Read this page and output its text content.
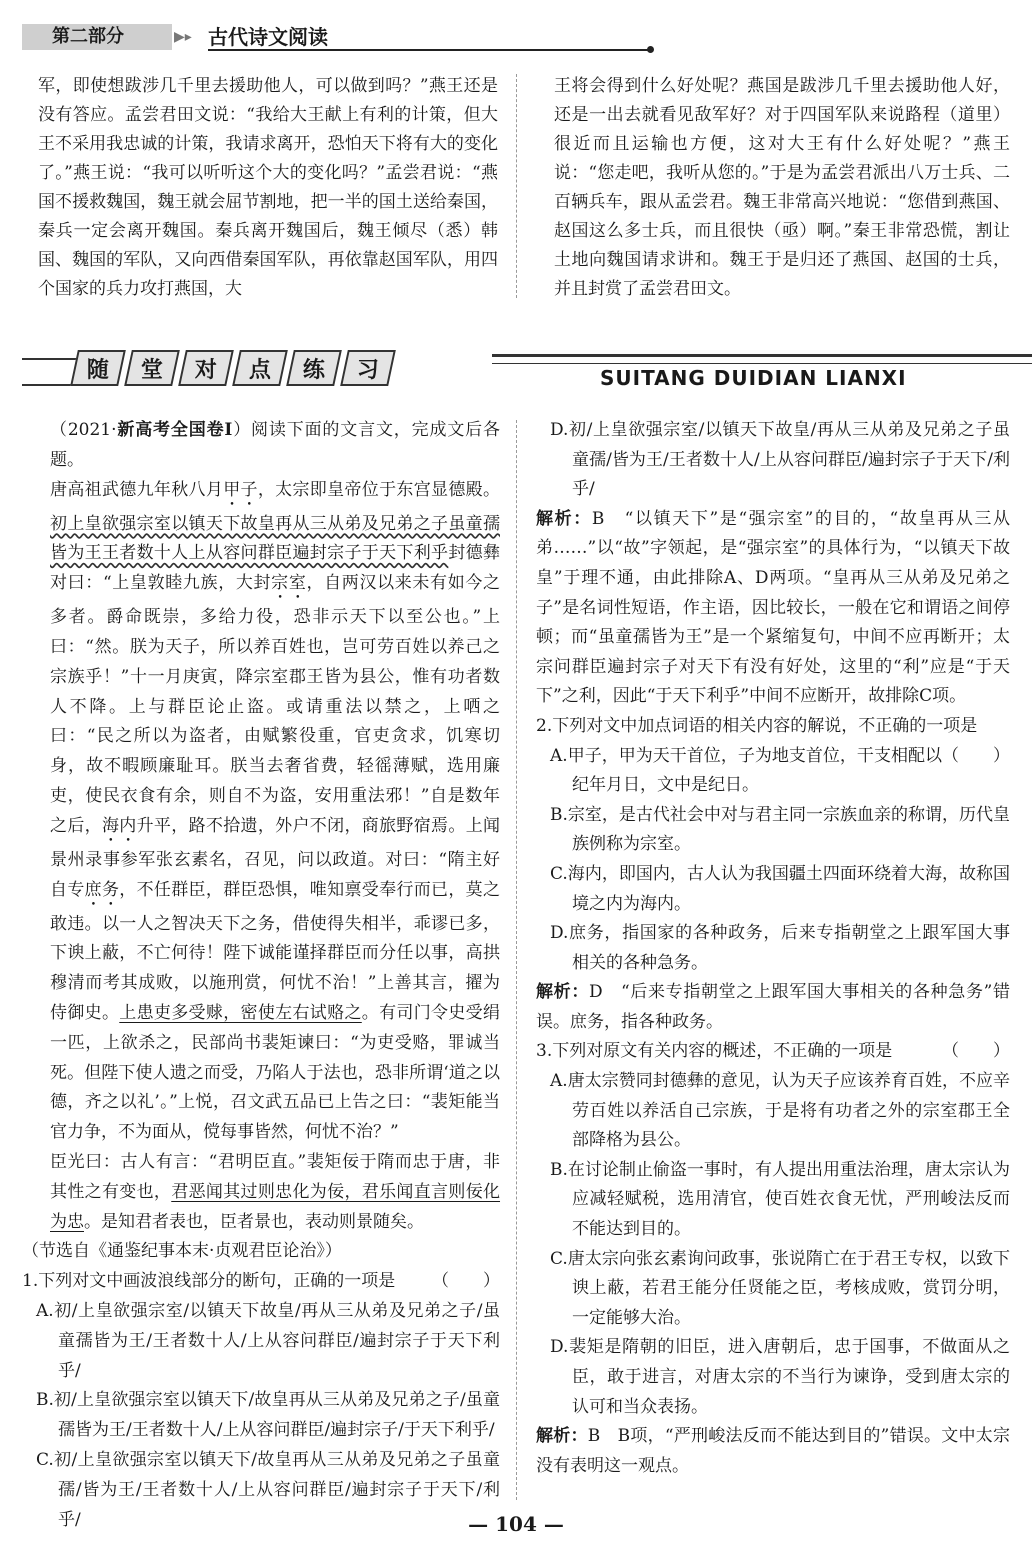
第二部分	▶▸ 古代诗文阅读

军，即使想跋涉几千里去援助他人，可以做到吗？”燕王还是没有答应。孟尝君田文说：“我给大王献上有利的计策，但大王不采用我忠诚的计策，我请求离开，恐怕天下将有大的变化了。”燕王说：“我可以听听这个大的变化吗？”孟尝君说：“燕国不援救魏国，魏王就会屈节割地，把一半的国土送给秦国，秦兵一定会离开魏国。秦兵离开魏国后，魏王倾尽（悉）韩国、魏国的军队，又向西借秦国军队，再依靠赵国军队，用四个国家的兵力攻打燕国，大

王将会得到什么好处呢？燕国是跋涉几千里去援助他人好，还是一出去就看见敌军好？对于四国军队来说路程（道里）很近而且运输也方便，这对大王有什么好处呢？”燕王说：“您走吧，我听从您的。”于是为孟尝君派出八万士兵、二百辆兵车，跟从孟尝君。魏王非常高兴地说：“您借到燕国、赵国这么多士兵，而且很快（亟）啊。”秦王非常恐慌，割让土地向魏国请求讲和。魏王于是归还了燕国、赵国的士兵，并且封赏了孟尝君田文。

随 堂 对 点 练 习	SUITANG DUIDIAN LIANXI

（2021·新高考全国卷Ⅰ）阅读下面的文言文，完成文后各题。

唐高祖武德九年秋八月甲子，太宗即皇帝位于东宫显德殿。初上皇欲强宗室以镇天下故皇再从三从弟及兄弟之子虽童孺皆为王王者数十人上从容问群臣遍封宗子于天下利乎封德彝对曰：“上皇敦睦九族，大封宗室，自两汉以来未有如今之多者。爵命既崇，多给力役，恐非示天下以至公也。”上曰：“然。朕为天子，所以养百姓也，岂可劳百姓以养己之宗族乎！”十一月庚寅，降宗室郡王皆为县公，惟有功者数人不降。上与群臣论止盗。或请重法以禁之，上哂之曰：“民之所以为盗者，由赋繁役重，官吏贪求，饥寒切身，故不暇顾廉耻耳。朕当去奢省费，轻徭薄赋，选用廉吏，使民衣食有余，则自不为盗，安用重法邪！”自是数年之后，海内升平，路不拾遗，外户不闭，商旅野宿焉。上闻景州录事参军张玄素名，召见，问以政道。对曰：“隋主好自专庶务，不任群臣，群臣恐惧，唯知禀受奉行而已，莫之敢违。以一人之智决天下之务，借使得失相半，乖谬已多，下谀上蔽，不亡何待！陛下诚能谨择群臣而分任以事，高拱穆清而考其成败，以施刑赏，何忧不治！”上善其言，擢为侍御史。上患吏多受赇，密使左右试赂之。有司门令史受绢一匹，上欲杀之，民部尚书裴矩谏曰：“为吏受赂，罪诚当死。但陛下使人遗之而受，乃陷人于法也，恐非所谓‘道之以德，齐之以礼’。”上悦，召文武五品已上告之曰：“裴矩能当官力争，不为面从，傥每事皆然，何忧不治？”

臣光曰：古人有言：“君明臣直。”裴矩佞于隋而忠于唐，非其性之有变也，君恶闻其过则忠化为佞，君乐闻直言则佞化为忠。是知君者表也，臣者景也，表动则景随矣。

（节选自《通鉴纪事本末·贞观君臣论治》）

1.下列对文中画波浪线部分的断句，正确的一项是 （　　）

A.初/上皇欲强宗室/以镇天下故皇/再从三从弟及兄弟之子/虽童孺皆为王/王者数十人/上从容问群臣/遍封宗子于天下利乎/

B.初/上皇欲强宗室以镇天下/故皇再从三从弟及兄弟之子/虽童孺皆为王/王者数十人/上从容问群臣/遍封宗子/于天下利乎/

C.初/上皇欲强宗室以镇天下/故皇再从三从弟及兄弟之子虽童孺/皆为王/王者数十人/上从容问群臣/遍封宗子于天下/利乎/

D.初/上皇欲强宗室/以镇天下故皇/再从三从弟及兄弟之子虽童孺/皆为王/王者数十人/上从容问群臣/遍封宗子于天下/利乎/

解析：B　“以镇天下”是“强宗室”的目的，“故皇再从三从弟……”以“故”字领起，是“强宗室”的具体行为，“以镇天下故皇”于理不通，由此排除A、D两项。“皇再从三从弟及兄弟之子”是名词性短语，作主语，因比较长，一般在它和谓语之间停顿；而“虽童孺皆为王”是一个紧缩复句，中间不应再断开；太宗问群臣遍封宗子对天下有没有好处，这里的“利”应是“于天下”之利，因此“于天下利乎”中间不应断开，故排除C项。

2.下列对文中加点词语的相关内容的解说，不正确的一项是
（　　）

A.甲子，甲为天干首位，子为地支首位，干支相配以纪年月日，文中是纪日。

B.宗室，是古代社会中对与君主同一宗族血亲的称谓，历代皇族例称为宗室。

C.海内，即国内，古人认为我国疆土四面环绕着大海，故称国境之内为海内。

D.庶务，指国家的各种政务，后来专指朝堂之上跟军国大事相关的各种急务。

解析：D　“后来专指朝堂之上跟军国大事相关的各种急务”错误。庶务，指各种政务。

3.下列对原文有关内容的概述，不正确的一项是	（　　）

A.唐太宗赞同封德彝的意见，认为天子应该养育百姓，不应辛劳百姓以养活自己宗族，于是将有功者之外的宗室郡王全部降格为县公。

B.在讨论制止偷盗一事时，有人提出用重法治理，唐太宗认为应减轻赋税，选用清官，使百姓衣食无忧，严刑峻法反而不能达到目的。

C.唐太宗向张玄素询问政事，张说隋亡在于君王专权，以致下谀上蔽，若君王能分任贤能之臣，考核成败，赏罚分明，一定能够大治。

D.裴矩是隋朝的旧臣，进入唐朝后，忠于国事，不做面从之臣，敢于进言，对唐太宗的不当行为谏诤，受到唐太宗的认可和当众表扬。

解析：B　B项，“严刑峻法反而不能达到目的”错误。文中太宗没有表明这一观点。

— 104 —
